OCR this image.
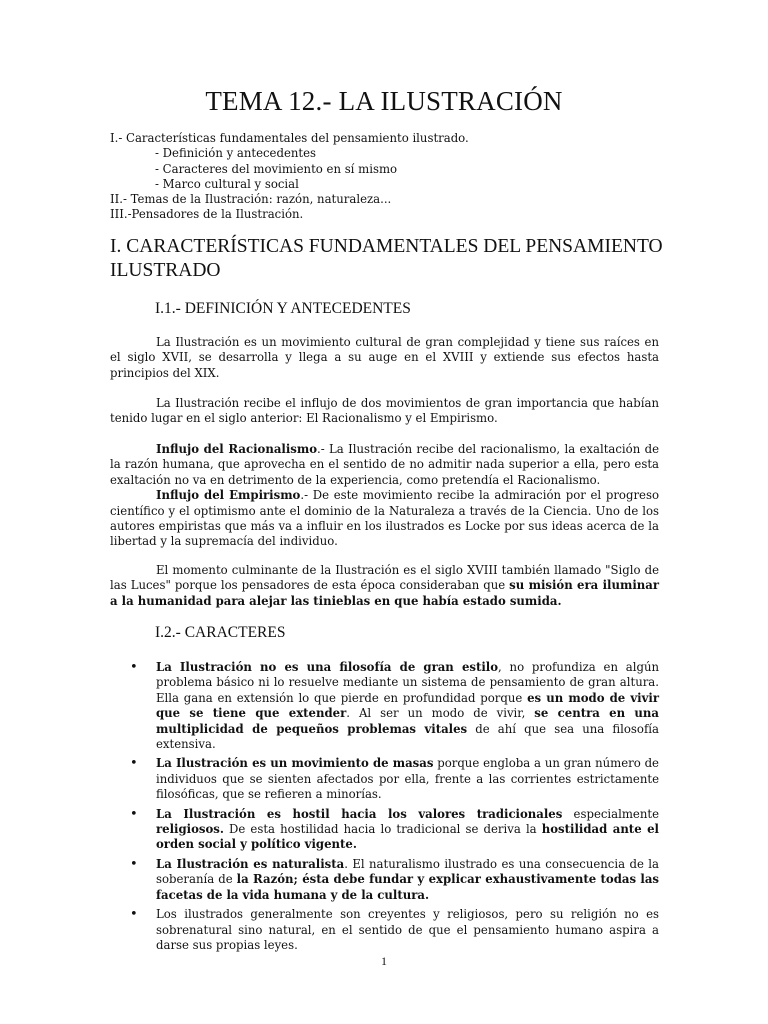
TEMA 12.- LA ILUSTRACIÓN
I.- Características fundamentales del pensamiento ilustrado.
- Definición y antecedentes
- Caracteres del movimiento en sí mismo
- Marco cultural y social
II.- Temas de la Ilustración: razón, naturaleza...
III.-Pensadores de la Ilustración.
I. CARACTERÍSTICAS FUNDAMENTALES DEL PENSAMIENTO ILUSTRADO
I.1.- DEFINICIÓN Y ANTECEDENTES

La Ilustración es un movimiento cultural de gran complejidad y tiene sus raíces en el siglo XVII, se desarrolla y llega a su auge en el XVIII y extiende sus efectos hasta principios del XIX.

La Ilustración recibe el influjo de dos movimientos de gran importancia que habían tenido lugar en el siglo anterior: El Racionalismo y el Empirismo.

Influjo del Racionalismo.- La Ilustración recibe del racionalismo, la exaltación de la razón humana, que aprovecha en el sentido de no admitir nada superior a ella, pero esta exaltación no va en detrimento de la experiencia, como pretendía el Racionalismo.

Influjo del Empirismo.- De este movimiento recibe la admiración por el progreso científico y el optimismo ante el dominio de la Naturaleza a través de la Ciencia. Uno de los autores empiristas que más va a influir en los ilustrados es Locke por sus ideas acerca de la libertad y la supremacía del individuo.

El momento culminante de la Ilustración es el siglo XVIII también llamado "Siglo de las Luces" porque los pensadores de esta época consideraban que su misión era iluminar a la humanidad para alejar las tinieblas en que había estado sumida.

I.2.- CARACTERES
• La Ilustración no es una filosofía de gran estilo, no profundiza en algún problema básico ni lo resuelve mediante un sistema de pensamiento de gran altura. Ella gana en extensión lo que pierde en profundidad porque es un modo de vivir que se tiene que extender. Al ser un modo de vivir, se centra en una multiplicidad de pequeños problemas vitales de ahí que sea una filosofía extensiva.
• La Ilustración es un movimiento de masas porque engloba a un gran número de individuos que se sienten afectados por ella, frente a las corrientes estrictamente filosóficas, que se refieren a minorías.
• La Ilustración es hostil hacia los valores tradicionales especialmente religiosos. De esta hostilidad hacia lo tradicional se deriva la hostilidad ante el orden social y político vigente.
• La Ilustración es naturalista. El naturalismo ilustrado es una consecuencia de la soberanía de la Razón; ésta debe fundar y explicar exhaustivamente todas las facetas de la vida humana y de la cultura.
• Los ilustrados generalmente son creyentes y religiosos, pero su religión no es sobrenatural sino natural, en el sentido de que el pensamiento humano aspira a darse sus propias leyes.
1
